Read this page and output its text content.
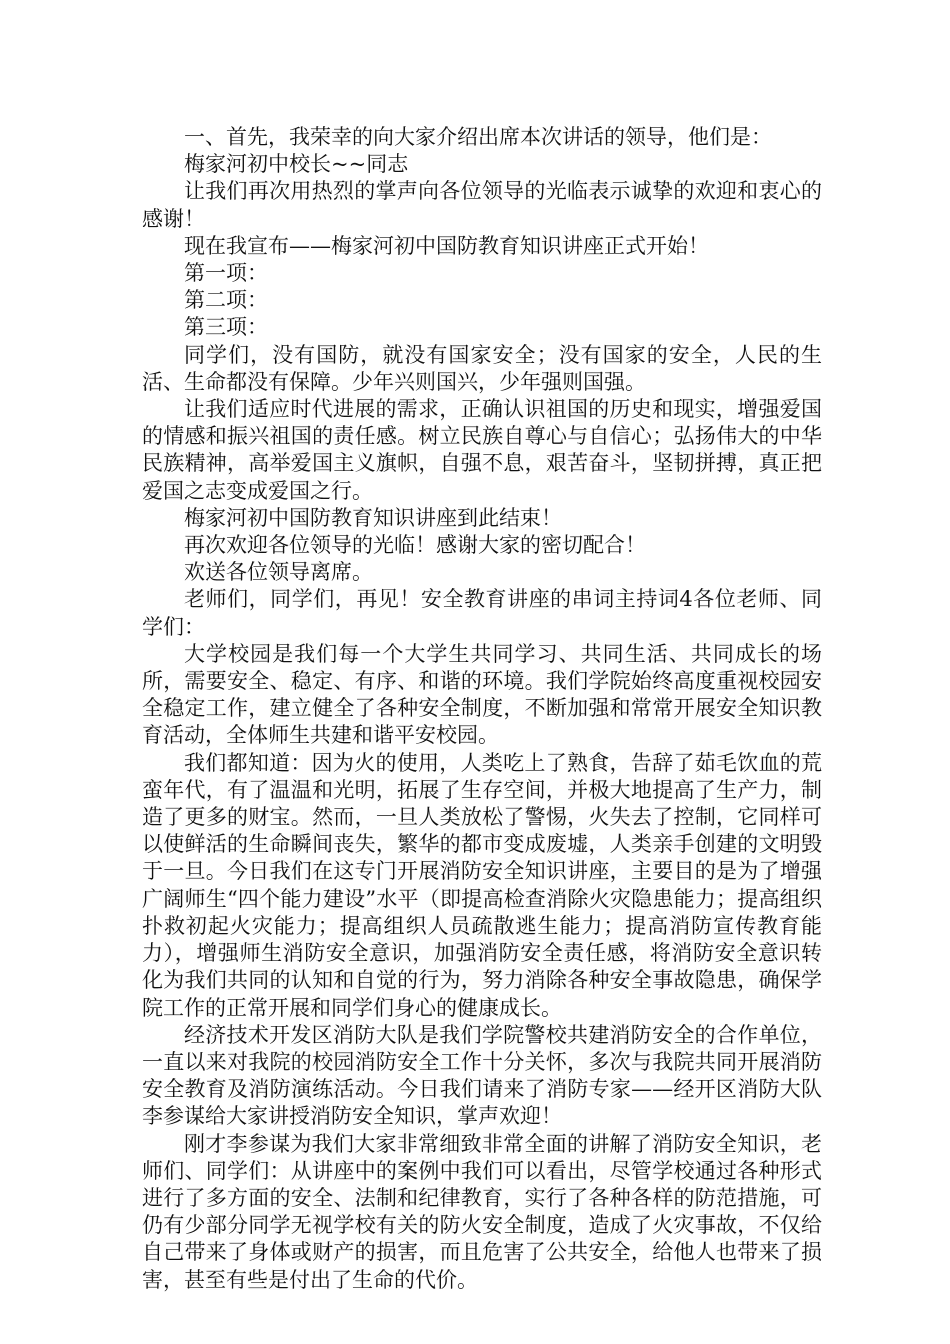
一、首先，我荣幸的向大家介绍出席本次讲话的领导，他们是：

梅家河初中校长~~同志

让我们再次用热烈的掌声向各位领导的光临表示诚挚的欢迎和衷心的感谢！

现在我宣布——梅家河初中国防教育知识讲座正式开始！

第一项：

第二项：

第三项：

同学们，没有国防，就没有国家安全；没有国家的安全，人民的生活、生命都没有保障。少年兴则国兴，少年强则国强。

让我们适应时代进展的需求，正确认识祖国的历史和现实，增强爱国的情感和振兴祖国的责任感。树立民族自尊心与自信心；弘扬伟大的中华民族精神，高举爱国主义旗帜，自强不息，艰苦奋斗，坚韧拼搏，真正把爱国之志变成爱国之行。

梅家河初中国防教育知识讲座到此结束！

再次欢迎各位领导的光临！感谢大家的密切配合！

欢送各位领导离席。

老师们，同学们，再见！安全教育讲座的串词主持词4各位老师、同学们：

大学校园是我们每一个大学生共同学习、共同生活、共同成长的场所，需要安全、稳定、有序、和谐的环境。我们学院始终高度重视校园安全稳定工作，建立健全了各种安全制度，不断加强和常常开展安全知识教育活动，全体师生共建和谐平安校园。

我们都知道：因为火的使用，人类吃上了熟食，告辞了茹毛饮血的荒蛮年代，有了温温和光明，拓展了生存空间，并极大地提高了生产力，制造了更多的财宝。然而，一旦人类放松了警惕，火失去了控制，它同样可以使鲜活的生命瞬间丧失，繁华的都市变成废墟，人类亲手创建的文明毁于一旦。今日我们在这专门开展消防安全知识讲座，主要目的是为了增强广阔师生“四个能力建设”水平（即提高检查消除火灾隐患能力；提高组织扑救初起火灾能力；提高组织人员疏散逃生能力；提高消防宣传教育能力），增强师生消防安全意识，加强消防安全责任感，将消防安全意识转化为我们共同的认知和自觉的行为，努力消除各种安全事故隐患，确保学院工作的正常开展和同学们身心的健康成长。

经济技术开发区消防大队是我们学院警校共建消防安全的合作单位，一直以来对我院的校园消防安全工作十分关怀，多次与我院共同开展消防安全教育及消防演练活动。今日我们请来了消防专家——经开区消防大队李参谋给大家讲授消防安全知识，掌声欢迎！

刚才李参谋为我们大家非常细致非常全面的讲解了消防安全知识，老师们、同学们：从讲座中的案例中我们可以看出，尽管学校通过各种形式进行了多方面的安全、法制和纪律教育，实行了各种各样的防范措施，可仍有少部分同学无视学校有关的防火安全制度，造成了火灾事故，不仅给自己带来了身体或财产的损害，而且危害了公共安全，给他人也带来了损害，甚至有些是付出了生命的代价。
